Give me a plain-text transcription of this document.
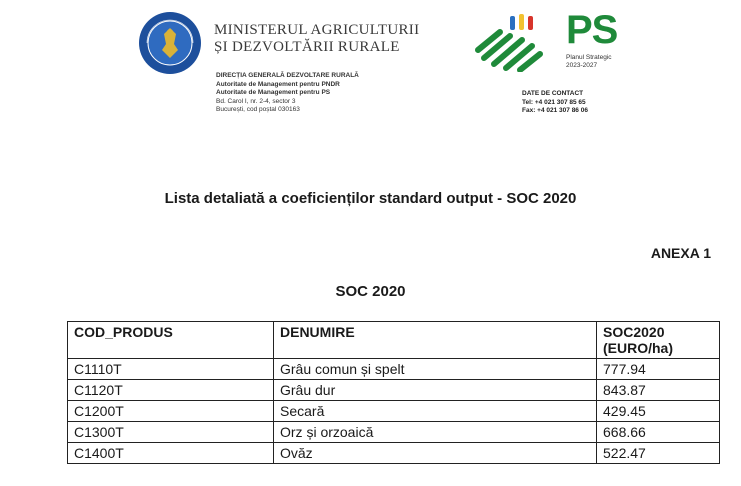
MINISTERUL AGRICULTURII
ȘI DEZVOLTĂRII RURALE
DIRECȚIA GENERALĂ DEZVOLTARE RURALĂ
Autoritate de Management pentru PNDR
Autoritate de Management pentru PS
Bd. Carol I, nr. 2-4, sector 3
București, cod poștal 030163
PS
Planul Strategic
2023-2027
DATE DE CONTACT
Tel: +4 021 307 85 65
Fax: +4 021 307 86 06
Lista detaliată a coeficienților standard output - SOC 2020
ANEXA 1
SOC 2020
COD_PRODUS	DENUMIRE	SOC2020 (EURO/ha)
C1110T	Grâu comun și spelt	777.94
C1120T	Grâu dur	843.87
C1200T	Secară	429.45
C1300T	Orz și orzoaică	668.66
C1400T	Ovăz	522.47
